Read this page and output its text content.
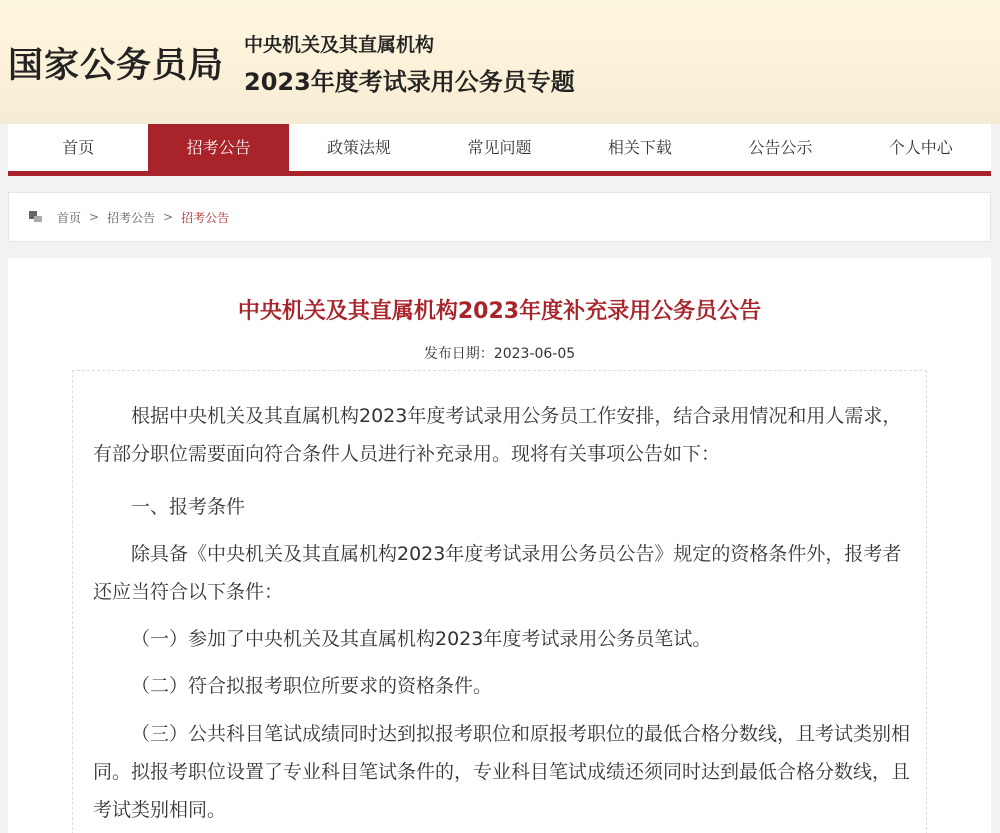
国家公务员局
中央机关及其直属机构
2023年度考试录用公务员专题
首页	招考公告	政策法规	常见问题	相关下载	公告公示	个人中心
首页 > 招考公告 > 招考公告
中央机关及其直属机构2023年度补充录用公务员公告
发布日期：2023-06-05
根据中央机关及其直属机构2023年度考试录用公务员工作安排，结合录用情况和用人需求，有部分职位需要面向符合条件人员进行补充录用。现将有关事项公告如下：
一、报考条件
除具备《中央机关及其直属机构2023年度考试录用公务员公告》规定的资格条件外，报考者还应当符合以下条件：
（一）参加了中央机关及其直属机构2023年度考试录用公务员笔试。
（二）符合拟报考职位所要求的资格条件。
（三）公共科目笔试成绩同时达到拟报考职位和原报考职位的最低合格分数线，且考试类别相同。拟报考职位设置了专业科目笔试条件的，专业科目笔试成绩还须同时达到最低合格分数线，且考试类别相同。
